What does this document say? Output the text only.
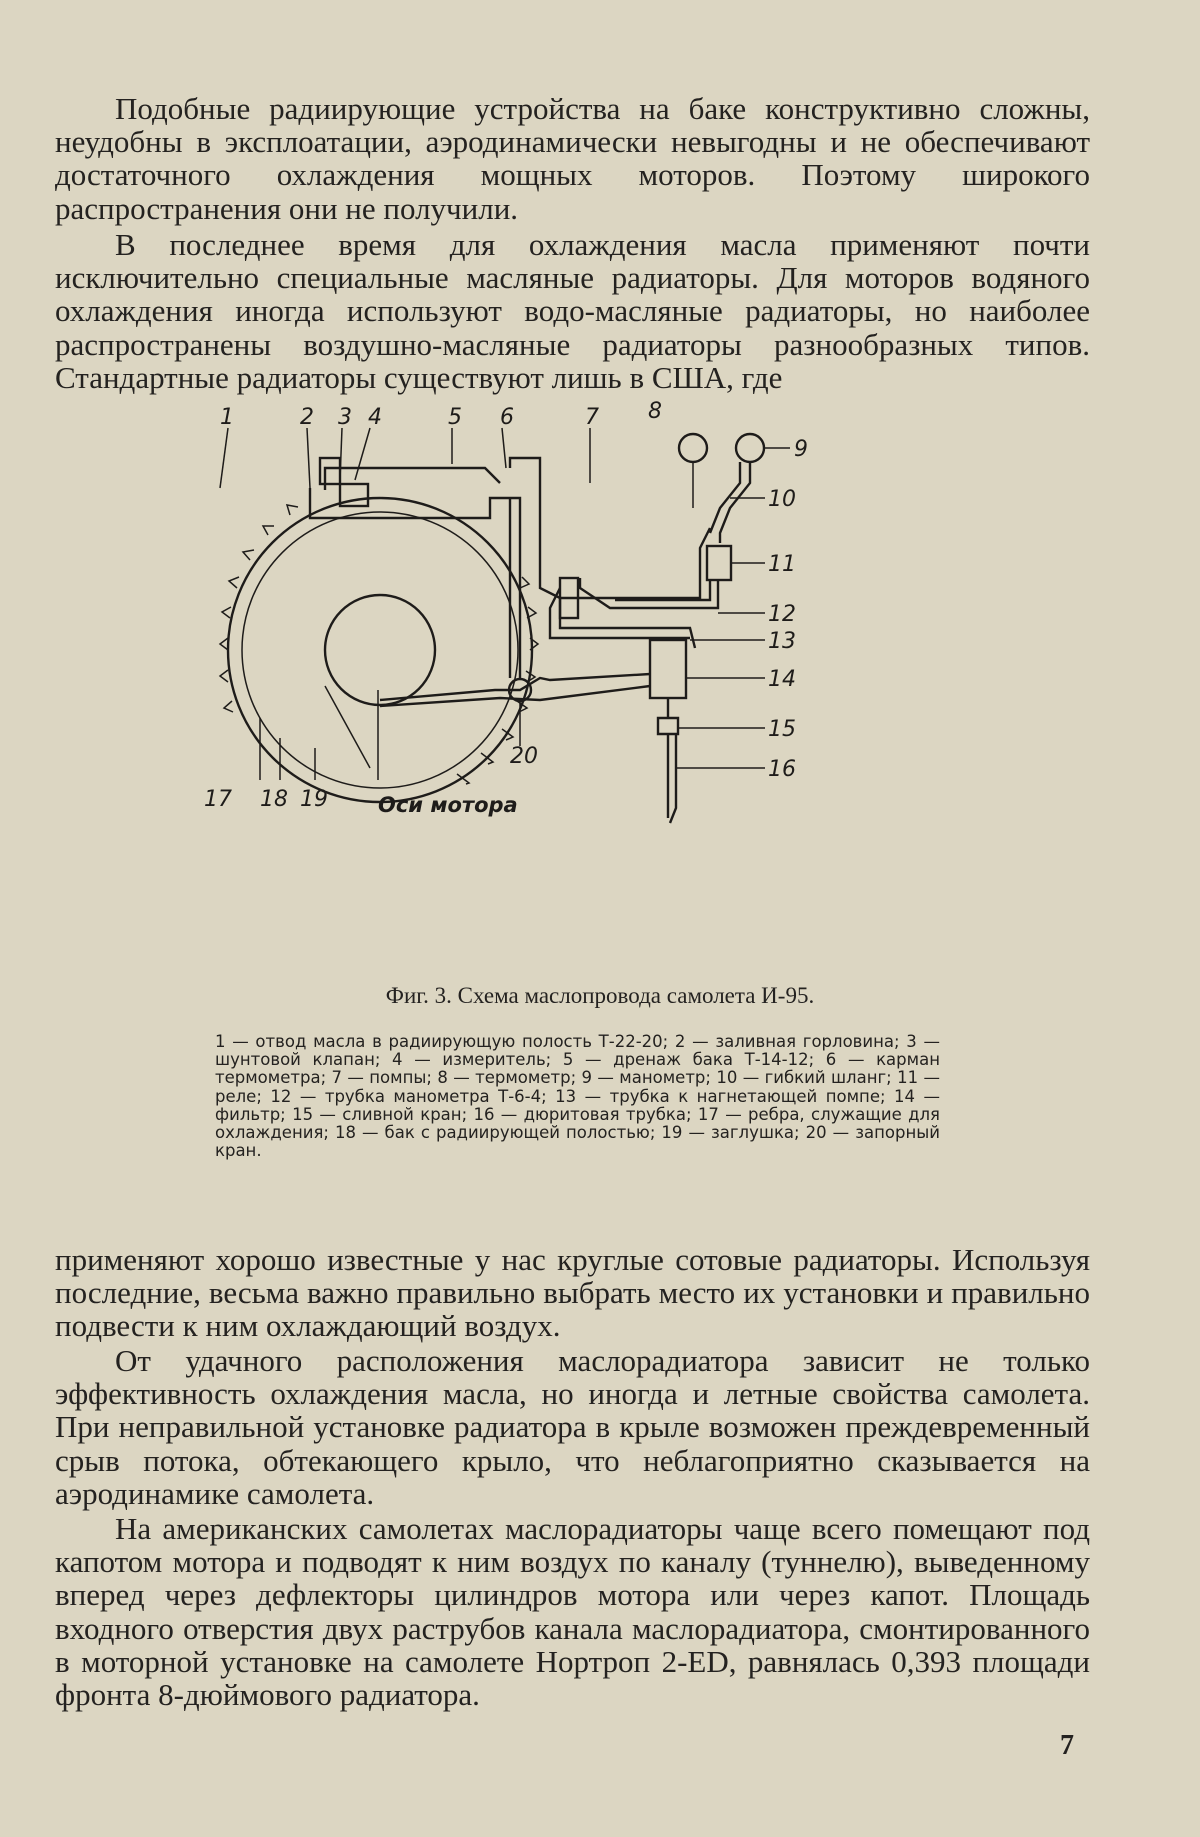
Подобные радиирующие устройства на баке конструктивно сложны, неудобны в эксплоатации, аэродинамически невыгодны и не обеспечивают достаточного охлаждения мощных моторов. Поэтому широкого распространения они не получили.

В последнее время для охлаждения масла применяют почти исключительно специальные масляные радиаторы. Для моторов водяного охлаждения иногда используют водо-масляные радиаторы, но наиболее распространены воздушно-масляные радиаторы разнообразных типов. Стандартные радиаторы существуют лишь в США, где

1	2 3 4	5 6	7 8
9
10
11
12
13
14
15
16
17 18 19
20
Оси мотора

Фиг. 3. Схема маслопровода самолета И-95.

1 — отвод масла в радиирующую полость Т-22-20; 2 — заливная горловина; 3 — шунтовой клапан; 4 — измеритель; 5 — дренаж бака Т-14-12; 6 — карман термометра; 7 — помпы; 8 — термометр; 9 — манометр; 10 — гибкий шланг; 11 — реле; 12 — трубка манометра Т-6-4; 13 — трубка к нагнетающей помпе; 14 — фильтр; 15 — сливной кран; 16 — дюритовая трубка; 17 — ребра, служащие для охлаждения; 18 — бак с радиирующей полостью; 19 — заглушка; 20 — запорный кран.

применяют хорошо известные у нас круглые сотовые радиаторы. Используя последние, весьма важно правильно выбрать место их установки и правильно подвести к ним охлаждающий воздух.

От удачного расположения маслорадиатора зависит не только эффективность охлаждения масла, но иногда и летные свойства самолета. При неправильной установке радиатора в крыле возможен преждевременный срыв потока, обтекающего крыло, что неблагоприятно сказывается на аэродинамике самолета.

На американских самолетах маслорадиаторы чаще всего помещают под капотом мотора и подводят к ним воздух по каналу (туннелю), выведенному вперед через дефлекторы цилиндров мотора или через капот. Площадь входного отверстия двух раструбов канала маслорадиатора, смонтированного в моторной установке на самолете Нортроп 2-ED, равнялась 0,393 площади фронта 8-дюймового радиатора.

7
